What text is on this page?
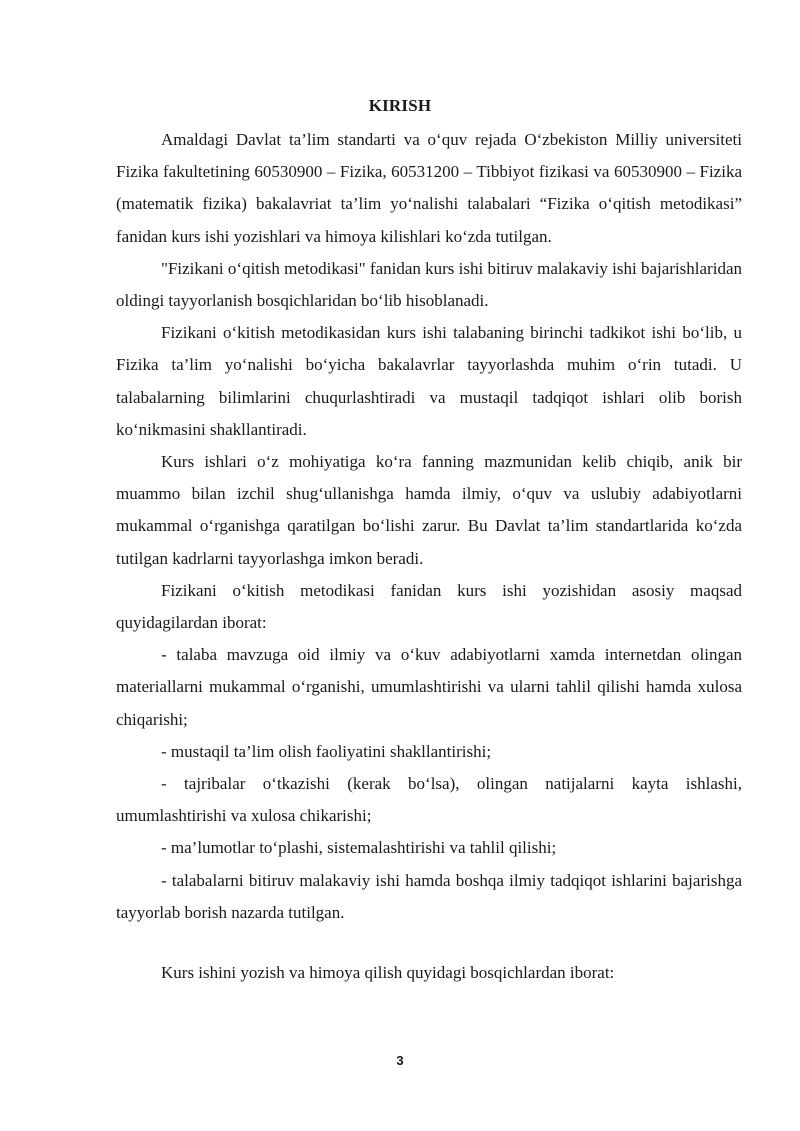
KIRISH

Amaldagi Davlat ta’lim standarti va o‘quv rejada O‘zbekiston Milliy universiteti Fizika fakultetining 60530900 – Fizika, 60531200 – Tibbiyot fizikasi va 60530900 – Fizika (matematik fizika) bakalavriat ta’lim yo‘nalishi talabalari “Fizika o‘qitish metodikasi” fanidan kurs ishi yozishlari va himoya kilishlari ko‘zda tutilgan.

"Fizikani o‘qitish metodikasi" fanidan kurs ishi bitiruv malakaviy ishi bajarishlaridan oldingi tayyorlanish bosqichlaridan bo‘lib hisoblanadi.

Fizikani o‘kitish metodikasidan kurs ishi talabaning birinchi tadkikot ishi bo‘lib, u Fizika ta’lim yo‘nalishi bo‘yicha bakalavrlar tayyorlashda muhim o‘rin tutadi. U talabalarning bilimlarini chuqurlashtiradi va mustaqil tadqiqot ishlari olib borish ko‘nikmasini shakllantiradi.

Kurs ishlari o‘z mohiyatiga ko‘ra fanning mazmunidan kelib chiqib, anik bir muammo bilan izchil shug‘ullanishga hamda ilmiy, o‘quv va uslubiy adabiyotlarni mukammal o‘rganishga qaratilgan bo‘lishi zarur. Bu Davlat ta’lim standartlarida ko‘zda tutilgan kadrlarni tayyorlashga imkon beradi.

Fizikani o‘kitish metodikasi fanidan kurs ishi yozishidan asosiy maqsad quyidagilardan iborat:

- talaba mavzuga oid ilmiy va o‘kuv adabiyotlarni xamda internetdan olingan materiallarni mukammal o‘rganishi, umumlashtirishi va ularni tahlil qilishi hamda xulosa chiqarishi;

- mustaqil ta’lim olish faoliyatini shakllantirishi;

- tajribalar o‘tkazishi (kerak bo‘lsa), olingan natijalarni kayta ishlashi, umumlashtirishi va xulosa chikarishi;

- ma’lumotlar to‘plashi, sistemalashtirishi va tahlil qilishi;

- talabalarni bitiruv malakaviy ishi hamda boshqa ilmiy tadqiqot ishlarini bajarishga tayyorlab borish nazarda tutilgan.

Kurs ishini yozish va himoya qilish quyidagi bosqichlardan iborat:

3
